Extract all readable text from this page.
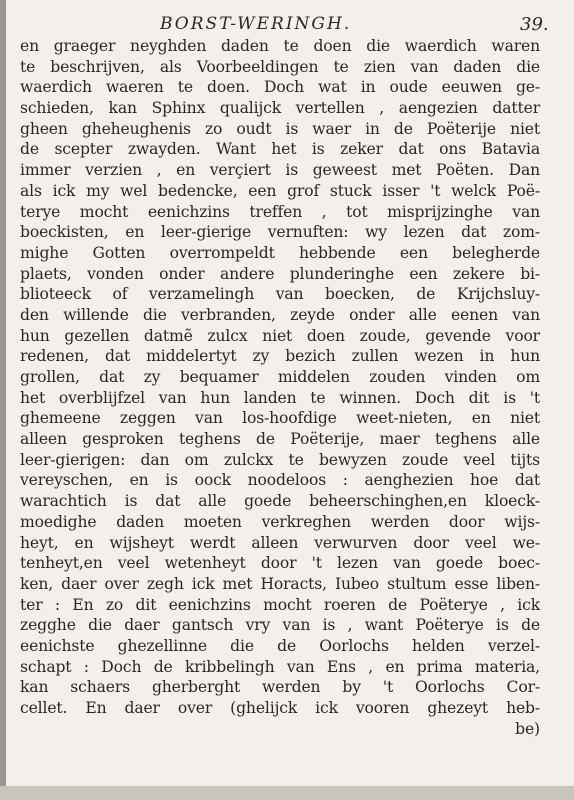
BORST-WERINGH.	39.
en graeger neyghden daden te doen die waerdich waren
te beschrijven, als Voorbeeldingen te zien van daden die
waerdich waeren te doen. Doch wat in oude eeuwen ge-
schieden, kan Sphinx qualijck vertellen , aengezien datter
gheen gheheughenis zo oudt is waer in de Poëterije niet
de scepter zwayden. Want het is zeker dat ons Batavia
immer verzien , en verçiert is geweest met Poëten. Dan
als ick my wel bedencke, een grof stuck isser 't welck Poë-
terye mocht eenichzins treffen , tot misprijzinghe van
boeckisten, en leer-gierige vernuften: wy lezen dat zom-
mighe Gotten overrompeldt hebbende een belegherde
plaets, vonden onder andere plunderinghe een zekere bi-
blioteeck of verzamelingh van boecken, de Krijchsluy-
den willende die verbranden, zeyde onder alle eenen van
hun gezellen datmẽ zulcx niet doen zoude, gevende voor
redenen, dat middelertyt zy bezich zullen wezen in hun
grollen, dat zy bequamer middelen zouden vinden om
het overblijfzel van hun landen te winnen. Doch dit is 't
ghemeene zeggen van los-hoofdige weet-nieten, en niet
alleen gesproken teghens de Poëterije, maer teghens alle
leer-gierigen: dan om zulckx te bewyzen zoude veel tijts
vereyschen, en is oock noodeloos : aenghezien hoe dat
warachtich is dat alle goede beheerschinghen,en kloeck-
moedighe daden moeten verkreghen werden door wijs-
heyt, en wijsheyt werdt alleen verwurven door veel we-
tenheyt,en veel wetenheyt door 't lezen van goede boec-
ken, daer over zegh ick met Horacts, Iubeo stultum esse liben-
ter : En zo dit eenichzins mocht roeren de Poëterye , ick
zegghe die daer gantsch vry van is , want Poëterye is de
eenichste ghezellinne die de Oorlochs helden verzel-
schapt : Doch de kribbelingh van Ens , en prima materia,
kan schaers gherberght werden by 't Oorlochs Cor-
cellet. En daer over (ghelijck ick vooren ghezeyt heb-
be)
